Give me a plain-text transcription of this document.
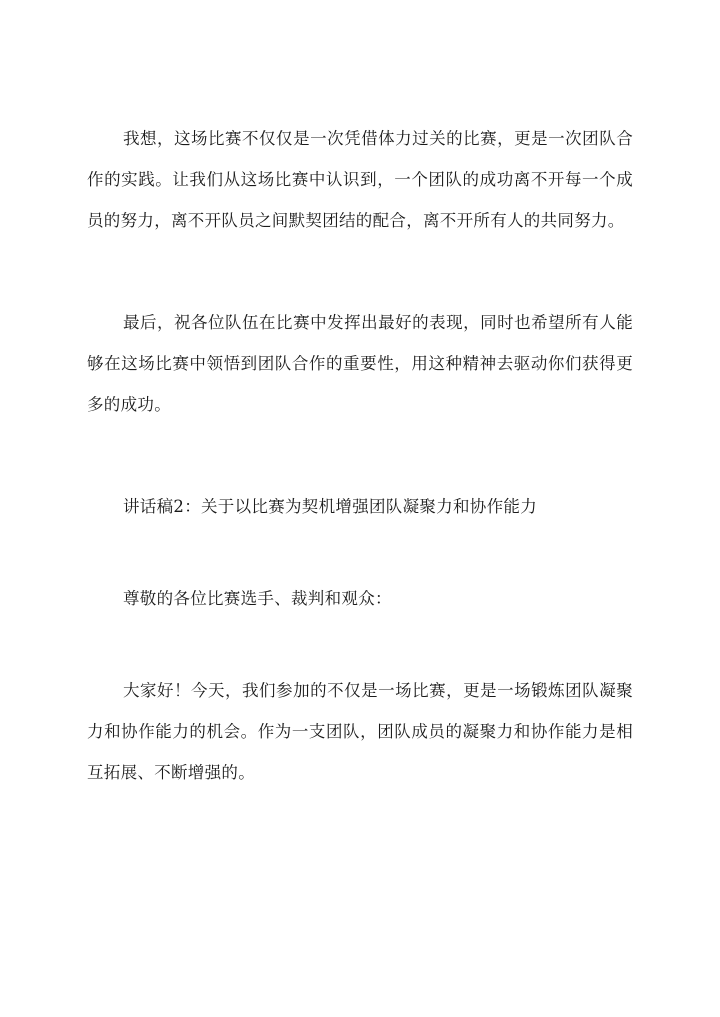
我想，这场比赛不仅仅是一次凭借体力过关的比赛，更是一次团队合作的实践。让我们从这场比赛中认识到，一个团队的成功离不开每一个成员的努力，离不开队员之间默契团结的配合，离不开所有人的共同努力。

最后，祝各位队伍在比赛中发挥出最好的表现，同时也希望所有人能够在这场比赛中领悟到团队合作的重要性，用这种精神去驱动你们获得更多的成功。

讲话稿2：关于以比赛为契机增强团队凝聚力和协作能力

尊敬的各位比赛选手、裁判和观众：

大家好！今天，我们参加的不仅是一场比赛，更是一场锻炼团队凝聚力和协作能力的机会。作为一支团队，团队成员的凝聚力和协作能力是相互拓展、不断增强的。
